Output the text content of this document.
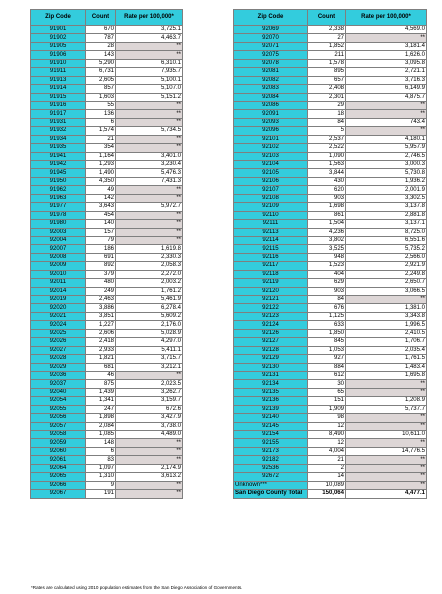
Zip Code	Count	Rate per 100,000*
91901	670	3,725.1
91902	787	4,463.7
91905	28	**
91906	143	**
91910	5,290	6,310.1
91911	6,731	7,935.7
91913	2,605	5,100.1
91914	857	5,107.0
91915	1,603	5,151.2
91916	55	**
91917	136	**
91931	6	**
91932	1,574	5,734.5
91934	21	**
91935	354	**
91941	1,164	3,401.0
91942	1,293	3,230.4
91945	1,490	5,476.3
91950	4,350	7,431.3
91962	49	**
91963	142	**
91977	3,643	5,972.7
91978	454	**
91980	140	**
92003	157	**
92004	79	**
92007	186	1,619.8
92008	691	2,330.3
92009	892	2,058.3
92010	379	2,272.0
92011	480	2,003.2
92014	249	1,761.2
92019	2,463	5,461.9
92020	3,886	6,278.4
92021	3,851	5,609.2
92024	1,227	2,176.0
92025	2,606	5,028.9
92026	2,418	4,297.0
92027	2,933	5,411.1
92028	1,821	3,715.7
92029	681	3,212.1
92036	46	**
92037	875	2,023.5
92040	1,439	3,262.7
92054	1,341	3,159.7
92055	247	672.6
92056	1,898	3,427.9
92057	2,084	3,738.0
92058	1,085	4,489.0
92059	148	**
92060	6	**
92061	83	**
92064	1,097	2,174.9
92065	1,310	3,613.2
92066	9	**
92067	191	**
Zip Code	Count	Rate per 100,000*
92069	2,338	4,569.0
92070	27	**
92071	1,852	3,181.4
92075	211	1,626.0
92078	1,578	3,095.8
92081	895	2,721.1
92082	657	3,716.3
92083	2,408	6,149.9
92084	2,301	4,875.7
92086	29	**
92091	18	**
92093	84	743.4
92096	5	**
92101	2,537	4,180.1
92102	2,522	5,957.9
92103	1,090	2,746.5
92104	1,563	3,000.3
92105	3,844	5,730.8
92106	430	1,936.2
92107	620	2,001.9
92108	903	3,302.5
92109	1,698	3,137.8
92110	861	2,881.8
92111	1,504	3,137.1
92113	4,236	8,725.0
92114	3,802	6,551.6
92115	3,525	5,735.2
92116	948	2,566.0
92117	1,523	2,921.9
92118	404	2,249.8
92119	629	2,650.7
92120	903	3,066.5
92121	84	**
92122	676	1,381.0
92123	1,125	3,343.8
92124	633	1,996.5
92126	1,850	2,410.5
92127	845	1,706.7
92128	1,053	2,035.4
92129	927	1,761.5
92130	884	1,483.4
92131	612	1,695.8
92134	30	**
92135	65	**
92136	151	1,208.9
92139	1,909	5,737.7
92140	98	**
92145	12	**
92154	8,490	10,611.0
92155	12	**
92173	4,004	14,776.5
92182	21	**
92536	2	**
92672	14	**
Unknown***	10,089	**
San Diego County Total	150,064	4,477.1
*Rates are calculated using 2010 population estimates from the San Diego Association of Governments.
